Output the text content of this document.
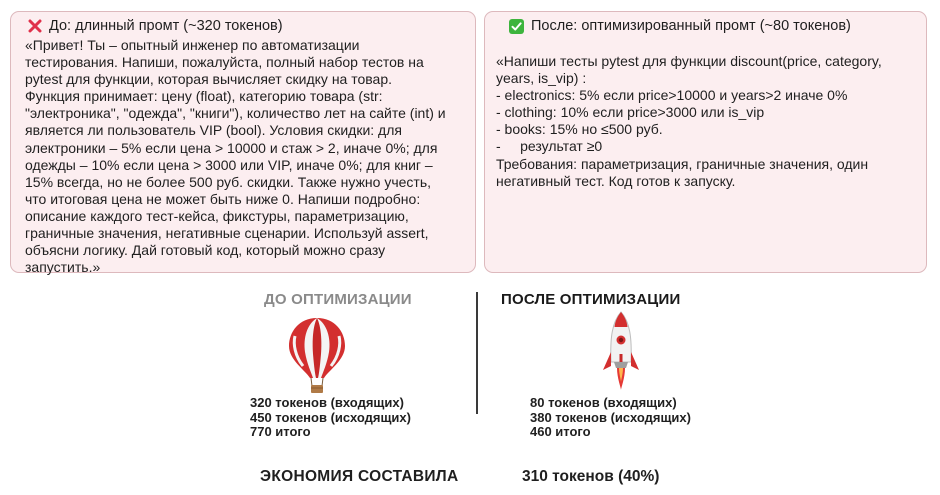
До: длинный промт (~320 токенов)

«Привет! Ты – опытный инженер по автоматизации
тестирования. Напиши, пожалуйста, полный набор тестов на
pytest для функции, которая вычисляет скидку на товар.
Функция принимает: цену (float), категорию товара (str:
"электроника", "одежда", "книги"), количество лет на сайте (int) и
является ли пользователь VIP (bool). Условия скидки: для
электроники – 5% если цена > 10000 и стаж > 2, иначе 0%; для
одежды – 10% если цена > 3000 или VIP, иначе 0%; для книг –
15% всегда, но не более 500 руб. скидки. Также нужно учесть,
что итоговая цена не может быть ниже 0. Напиши подробно:
описание каждого тест-кейса, фикстуры, параметризацию,
граничные значения, негативные сценарии. Используй assert,
объясни логику. Дай готовый код, который можно сразу
запустить.»

После: оптимизированный промт (~80 токенов)

«Напиши тесты pytest для функции discount(price, category,
years, is_vip) :
- electronics: 5% если price>10000 и years>2 иначе 0%
- clothing: 10% если price>3000 или is_vip
- books: 15% но ≤500 руб.
-     результат ≥0
Требования: параметризация, граничные значения, один
негативный тест. Код готов к запуску.

ДО ОПТИМИЗАЦИИ	ПОСЛЕ ОПТИМИЗАЦИИ
320 токенов (входящих)
450 токенов (исходящих)
770 итого
80 токенов (входящих)
380 токенов (исходящих)
460 итого
ЭКОНОМИЯ СОСТАВИЛА	310 токенов (40%)
